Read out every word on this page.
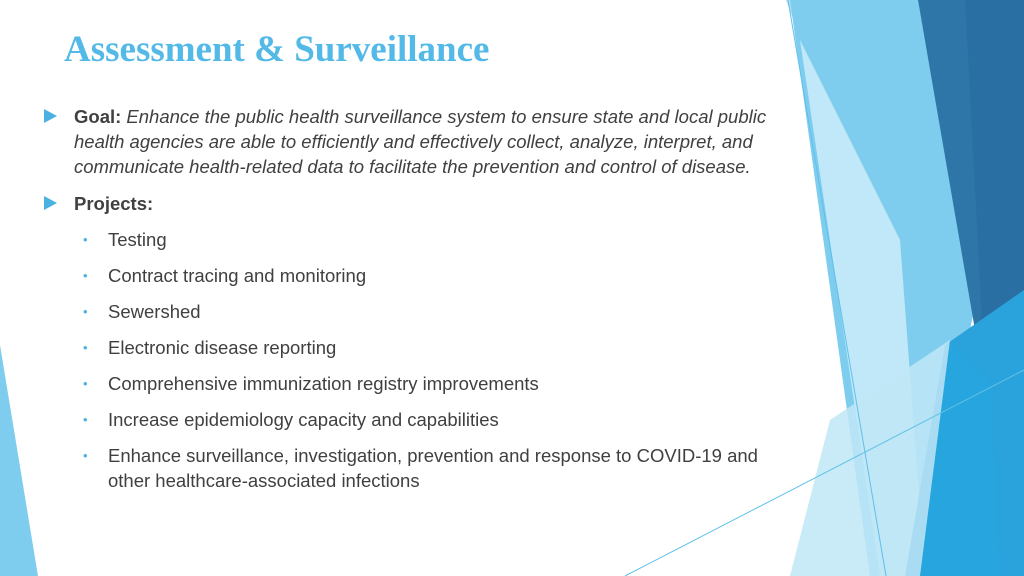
Assessment & Surveillance
Goal: Enhance the public health surveillance system to ensure state and local public health agencies are able to efficiently and effectively collect, analyze, interpret, and communicate health-related data to facilitate the prevention and control of disease.
Projects:
• Testing
• Contract tracing and monitoring
• Sewershed
• Electronic disease reporting
• Comprehensive immunization registry improvements
• Increase epidemiology capacity and capabilities
• Enhance surveillance, investigation, prevention and response to COVID-19 and other healthcare-associated infections
